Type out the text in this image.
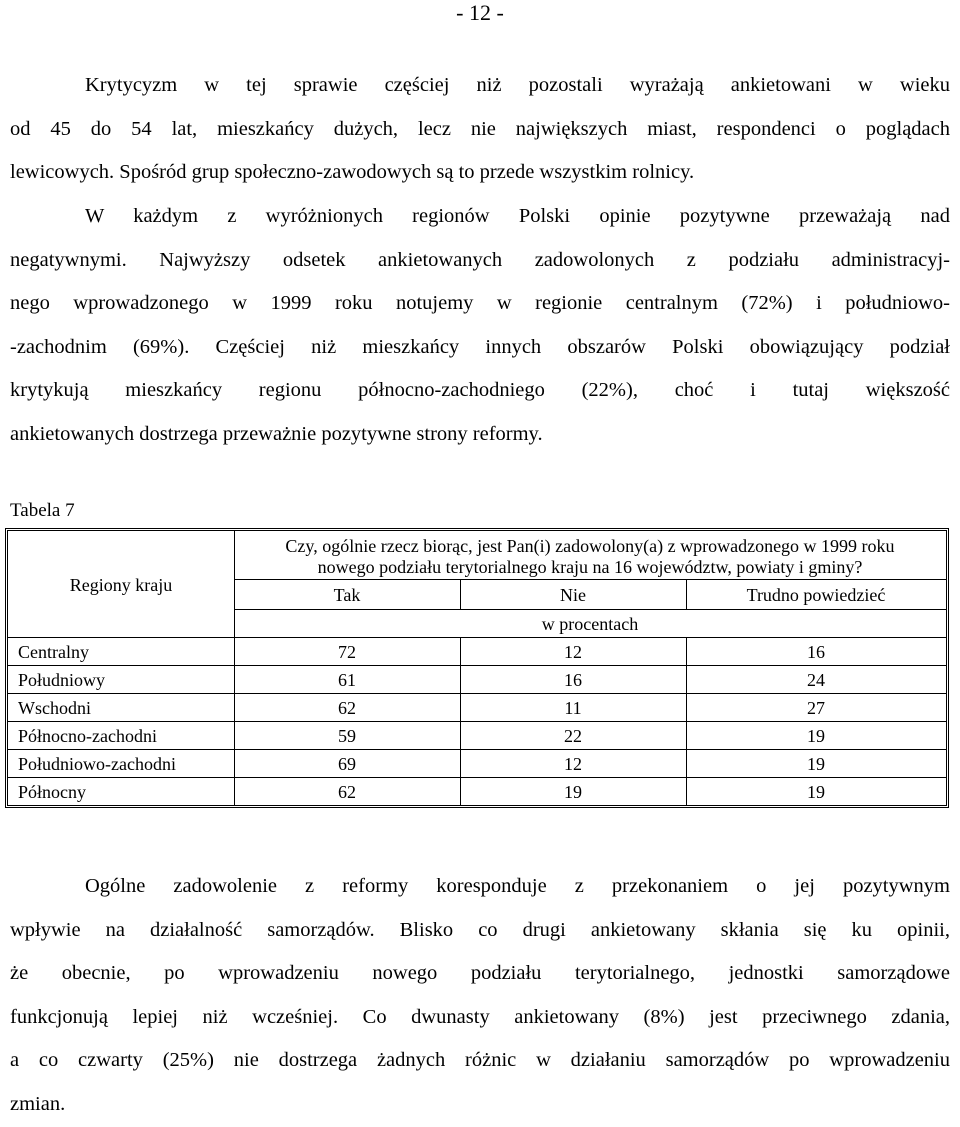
- 12 -
Krytycyzm w tej sprawie częściej niż pozostali wyrażają ankietowani w wieku
od 45 do 54 lat, mieszkańcy dużych, lecz nie największych miast, respondenci o poglądach
lewicowych. Spośród grup społeczno-zawodowych są to przede wszystkim rolnicy.
W każdym z wyróżnionych regionów Polski opinie pozytywne przeważają nad
negatywnymi. Najwyższy odsetek ankietowanych zadowolonych z podziału administracyj-
nego wprowadzonego w 1999 roku notujemy w regionie centralnym (72%) i południowo-
-zachodnim (69%). Częściej niż mieszkańcy innych obszarów Polski obowiązujący podział
krytykują mieszkańcy regionu północno-zachodniego (22%), choć i tutaj większość
ankietowanych dostrzega przeważnie pozytywne strony reformy.
Tabela 7
Regiony kraju
Czy, ogólnie rzecz biorąc, jest Pan(i) zadowolony(a) z wprowadzonego w 1999 roku
nowego podziału terytorialnego kraju na 16 województw, powiaty i gminy?
Tak	Nie	Trudno powiedzieć
w procentach
Centralny	72	12	16
Południowy	61	16	24
Wschodni	62	11	27
Północno-zachodni	59	22	19
Południowo-zachodni	69	12	19
Północny	62	19	19
Ogólne zadowolenie z reformy koresponduje z przekonaniem o jej pozytywnym
wpływie na działalność samorządów. Blisko co drugi ankietowany skłania się ku opinii,
że obecnie, po wprowadzeniu nowego podziału terytorialnego, jednostki samorządowe
funkcjonują lepiej niż wcześniej. Co dwunasty ankietowany (8%) jest przeciwnego zdania,
a co czwarty (25%) nie dostrzega żadnych różnic w działaniu samorządów po wprowadzeniu
zmian.
